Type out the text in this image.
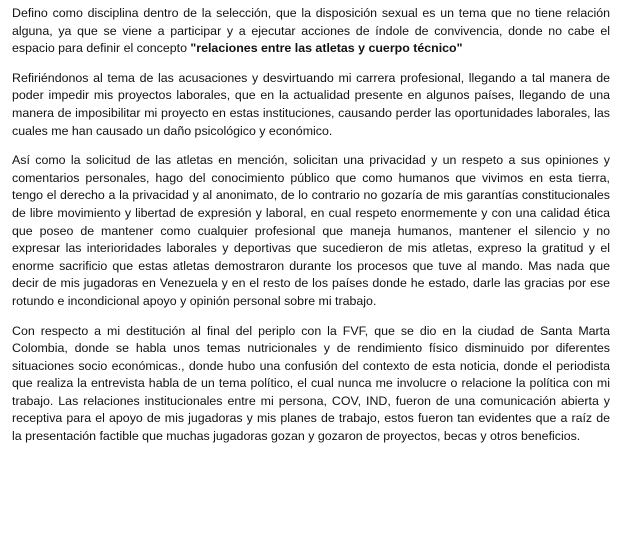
Defino como disciplina dentro de la selección, que la disposición sexual es un tema que no tiene relación alguna, ya que se viene a participar y a ejecutar acciones de índole de convivencia, donde no cabe el espacio para definir el concepto "relaciones entre las atletas y cuerpo técnico"

Refiriéndonos al tema de las acusaciones y desvirtuando mi carrera profesional, llegando a tal manera de poder impedir mis proyectos laborales, que en la actualidad presente en algunos países, llegando de una manera de imposibilitar mi proyecto en estas instituciones, causando perder las oportunidades laborales, las cuales me han causado un daño psicológico y económico.

Así como la solicitud de las atletas en mención, solicitan una privacidad y un respeto a sus opiniones y comentarios personales, hago del conocimiento público que como humanos que vivimos en esta tierra, tengo el derecho a la privacidad y al anonimato, de lo contrario no gozaría de mis garantías constitucionales de libre movimiento y libertad de expresión y laboral, en cual respeto enormemente y con una calidad ética que poseo de mantener como cualquier profesional que maneja humanos, mantener el silencio y no expresar las interioridades laborales y deportivas que sucedieron de mis atletas, expreso la gratitud y el enorme sacrificio que estas atletas demostraron durante los procesos que tuve al mando. Mas nada que decir de mis jugadoras en Venezuela y en el resto de los países donde he estado, darle las gracias por ese rotundo e incondicional apoyo y opinión personal sobre mi trabajo.

Con respecto a mi destitución al final del periplo con la FVF, que se dio en la ciudad de Santa Marta Colombia, donde se habla unos temas nutricionales y de rendimiento físico disminuido por diferentes situaciones socio económicas., donde hubo una confusión del contexto de esta noticia, donde el periodista que realiza la entrevista habla de un tema político, el cual nunca me involucre o relacione la política con mi trabajo. Las relaciones institucionales entre mi persona, COV, IND, fueron de una comunicación abierta y receptiva para el apoyo de mis jugadoras y mis planes de trabajo, estos fueron tan evidentes que a raíz de la presentación factible que muchas jugadoras gozan y gozaron de proyectos, becas y otros beneficios.
